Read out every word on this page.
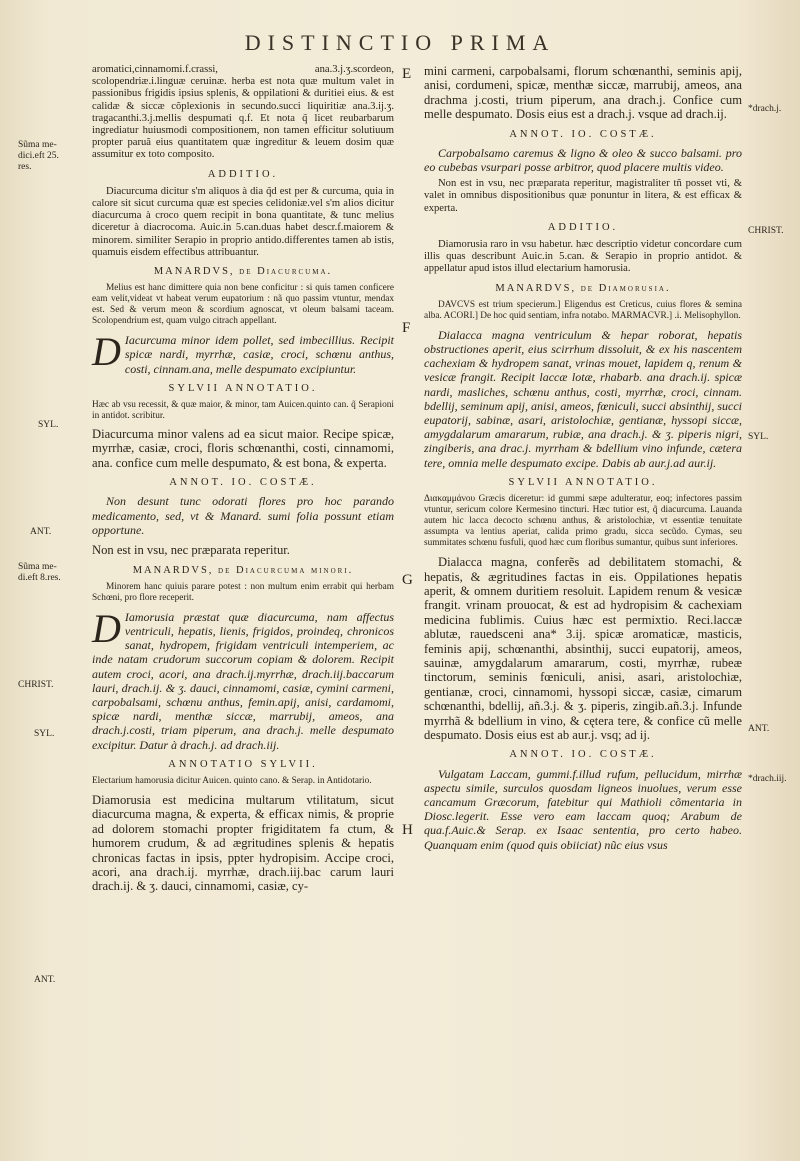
DISTINCTIO PRIMA

aromatici,cinnamomi.f.crassi, ana.3.j.ʒ.scordeon, scolopendriæ.i.linguæ ceruinæ. herba est nota quæ multum valet in passionibus frigidis ipsius splenis, & oppilationi & duritiei eius. & est calidæ & siccæ cõplexionis in secundo.succi liquiritiæ ana.3.ij.ʒ. tragacanthi.3.j.mellis despumati q.f. Et nota q̃ licet reubarbarum ingrediatur huiusmodi compositionem, non tamen efficitur solutiuum propter paruã eius quantitatem quæ ingreditur & leuem dosim quæ assumitur ex toto composito.

ADDITIO.

Diacurcuma dicitur s'm aliquos à dia q̃d est per & curcuma, quia in calore sit sicut curcuma quæ est species celidoniæ.vel s'm alios dicitur diacurcuma à croco quem recipit in bona quantitate, & tunc melius diceretur à diacrocoma. Auic.in 5.can.duas habet descr.f.maiorem & minorem. similiter Serapio in proprio antido.differentes tamen ab istis, quamuis eisdem effectibus attribuantur.

MANARDVS, de Diacurcuma.

Melius est hanc dimittere quia non bene conficitur : si quis tamen conficere eam velit,videat vt habeat verum eupatorium : nã quo passim vtuntur, mendax est. Sed & verum meon & scordium agnoscat, vt oleum balsami taceam. Scolopendrium est, quam vulgo citrach appellant.

D Iacurcuma minor idem pollet, sed imbecillius. Recipit spicæ nardi, myrrhæ, casiæ, croci, schœnu anthus, costi, cinnam.ana, melle despumato excipiuntur.

SYLVII ANNOTATIO.

Hæc ab vsu recessit, & quæ maior, & minor, tam Auicen.quinto can. q̃ Serapioni in antidot. scribitur.

Diacurcuma minor valens ad ea sicut maior. Recipe spicæ, myrrhæ, casiæ, croci, floris schœnanthi, costi, cinnamomi, ana. confice cum melle despumato, & est bona, & experta.

ANNOT. IO. COSTÆ.

Non desunt tunc odorati flores pro hoc parando medicamento, sed, vt & Manard. sumi folia possunt etiam opportune.

Non est in vsu, nec præparata reperitur.

MANARDVS, de Diacurcuma minori.

Minorem hanc quiuis parare potest : non multum enim errabit qui herbam Schœni, pro flore receperit.

D Iamorusia præstat quæ diacurcuma, nam affectus ventriculi, hepatis, lienis, frigidos, proindeq, chronicos sanat, hydropem, frigidam ventriculi intemperiem, ac inde natam crudorum succorum copiam & dolorem. Recipit autem croci, acori, ana drach.ij.myrrhæ, drach.iij.baccarum lauri, drach.ij. & ʒ. dauci, cinnamomi, casiæ, cymini carmeni, carpobalsami, schœnu anthus, femin.apij, anisi, cardamomi, spicæ nardi, menthæ siccæ, marrubij, ameos, ana drach.j.costi, triam piperum, ana drach.j. melle despumato excipitur. Datur à drach.j. ad drach.iij.

ANNOTATIO SYLVII.

Electarium hamorusia dicitur Auicen. quinto cano. & Serap. in Antidotario.

Diamorusia est medicina multarum vtilitatum, sicut diacurcuma magna, & experta, & efficax nimis, & proprie ad dolorem stomachi propter frigiditatem fa ctum, & humorem crudum, & ad ægritudines splenis & hepatis chronicas factas in ipsis, ppter hydropisim. Accipe croci, acori, ana drach.ij. myrrhæ, drach.iij.bac carum lauri drach.ij. & ʒ. dauci, cinnamomi, casiæ, cy-

mini carmeni, carpobalsami, florum schœnanthi, seminis apij, anisi, cordumeni, spicæ, menthæ siccæ, marrubij, ameos, ana drachma j.costi, trium piperum, ana drach.j. Confice cum melle despumato. Dosis eius est a drach.j. vsque ad drach.ij.

ANNOT. IO. COSTÆ.

Carpobalsamo caremus & ligno & oleo & succo balsami. pro eo cubebas vsurpari posse arbitror, quod placere multis video.

Non est in vsu, nec præparata reperitur, magistraliter tñ posset vti, & valet in omnibus dispositionibus quæ ponuntur in litera, & est efficax & experta.

ADDITIO.

Diamorusia raro in vsu habetur. hæc descriptio videtur concordare cum illis quas describunt Auic.in 5.can. & Serapio in proprio antidot. & appellatur apud istos illud electarium hamorusia.

MANARDVS, de Diamorusia.

DAVCVS est trium specierum.] Eligendus est Creticus, cuius flores & semina alba. ACORI.] De hoc quid sentiam, infra notabo. MARMACVR.] .i. Melisophyllon.

Dialacca magna ventriculum & hepar roborat, hepatis obstructiones aperit, eius scirrhum dissoluit, & ex his nascentem cachexiam & hydropem sanat, vrinas mouet, lapidem q, renum & vesicæ frangit. Recipit laccæ lotæ, rhabarb. ana drach.ij. spicæ nardi, masliches, schœnu anthus, costi, myrrhæ, croci, cinnam. bdellij, seminum apij, anisi, ameos, fœniculi, succi absinthij, succi eupatorij, sabinæ, asari, aristolochiæ, gentianæ, hyssopi siccæ, amygdalarum amararum, rubiæ, ana drach.j. & ʒ. piperis nigri, zingiberis, ana drac.j. myrrham & bdellium vino infunde, cætera tere, omnia melle despumato excipe. Dabis ab aur.j.ad aur.ij.

SYLVII ANNOTATIO.

Διακαμμάνου Græcis diceretur: id gummi sæpe adulteratur, eoq; infectores passim vtuntur, sericum colore Kermesino tincturi. Hæc tutior est, q̃ diacurcuma. Lauanda autem hic lacca decocto schœnu anthus, & aristolochiæ, vt essentiæ tenuitate assumpta va lentius aperiat, calida primo gradu, sicca secũdo. Cymas, seu summitates schœnu fusfuli, quod hæc cum floribus sumantur, quibus sunt inferiores.

Dialacca magna, conferẽs ad debilitatem stomachi, & hepatis, & ægritudines factas in eis. Oppilationes hepatis aperit, & omnem duritiem resoluit. Lapidem renum & vesicæ frangit. vrinam prouocat, & est ad hydropisim & cachexiam medicina fublimis. Cuius hæc est permixtio. Reci.laccæ ablutæ, rauedsceni ana* 3.ij. spicæ aromaticæ, masticis, feminis apij, schœnanthi, absinthij, succi eupatorij, ameos, sauinæ, amygdalarum amararum, costi, myrrhæ, rubeæ tinctorum, seminis fœniculi, anisi, asari, aristolochiæ, gentianæ, croci, cinnamomi, hyssopi siccæ, casiæ, cimarum schœnanthi, bdellij, añ.3.j. & ʒ. piperis, zingib.añ.3.j. Infunde myrrhã & bdellium in vino, & cętera tere, & confice cũ melle despumato. Dosis eius est ab aur.j. vsq; ad ij.

ANNOT. IO. COSTÆ.

Vulgatam Laccam, gummi.f.illud rufum, pellucidum, mirrhæ aspectu simile, surculos quosdam ligneos inuolues, verum esse cancamum Græcorum, fatebitur qui Mathioli cõmentaria in Diosc.legerit. Esse vero eam laccam quoq; Arabum de qua.f.Auic.& Serap. ex Isaac sententia, pro certo habeo. Quanquam enim (quod quis obiiciat) nũc eius vsus

Sũma me-
dici.eft 25.
res.
SYL.
ANT.
Sũma me-
di.eft 8.res.
CHRIST.
SYL.
ANT.
*drach.j.
CHRIST.
SYL.
ANT.
*drach.iij.
E
F
G
H
